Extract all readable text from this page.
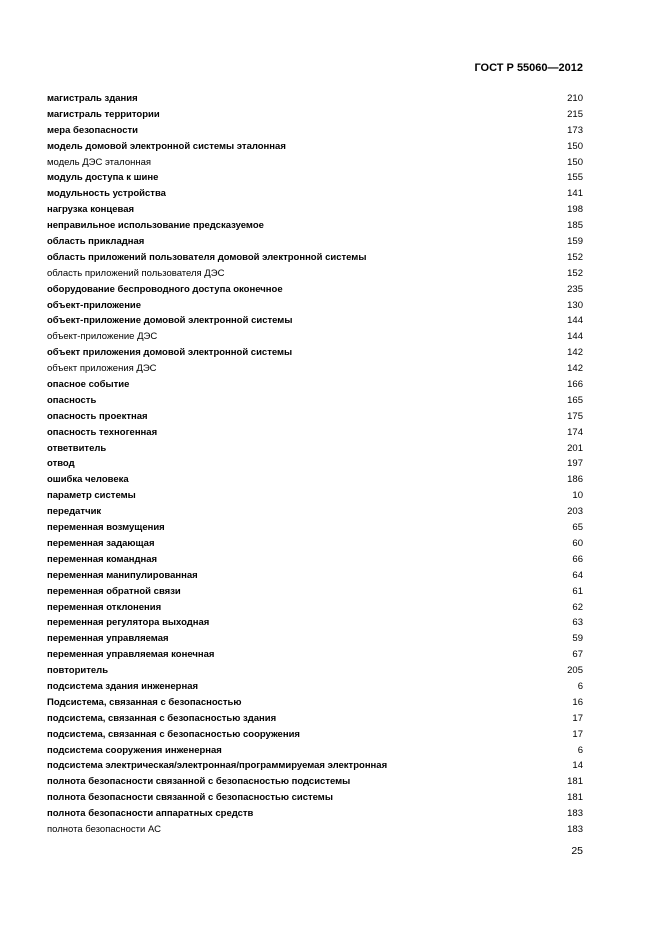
ГОСТ Р 55060—2012
магистраль здания	210
магистраль территории	215
мера безопасности	173
модель домовой электронной системы эталонная	150
модель ДЭС эталонная	150
модуль доступа к шине	155
модульность устройства	141
нагрузка концевая	198
неправильное использование предсказуемое	185
область прикладная	159
область приложений пользователя домовой электронной системы	152
область приложений пользователя ДЭС	152
оборудование беспроводного доступа оконечное	235
объект-приложение	130
объект-приложение домовой электронной системы	144
объект-приложение ДЭС	144
объект приложения домовой электронной системы	142
объект приложения ДЭС	142
опасное событие	166
опасность	165
опасность проектная	175
опасность техногенная	174
ответвитель	201
отвод	197
ошибка человека	186
параметр системы	10
передатчик	203
переменная возмущения	65
переменная задающая	60
переменная командная	66
переменная манипулированная	64
переменная обратной связи	61
переменная отклонения	62
переменная регулятора выходная	63
переменная управляемая	59
переменная управляемая конечная	67
повторитель	205
подсистема здания инженерная	6
Подсистема, связанная с безопасностью	16
подсистема, связанная с безопасностью здания	17
подсистема, связанная с безопасностью сооружения	17
подсистема сооружения инженерная	6
подсистема электрическая/электронная/программируемая электронная	14
полнота безопасности связанной с безопасностью подсистемы	181
полнота безопасности связанной с безопасностью системы	181
полнота безопасности аппаратных средств	183
полнота безопасности АС	183
25
